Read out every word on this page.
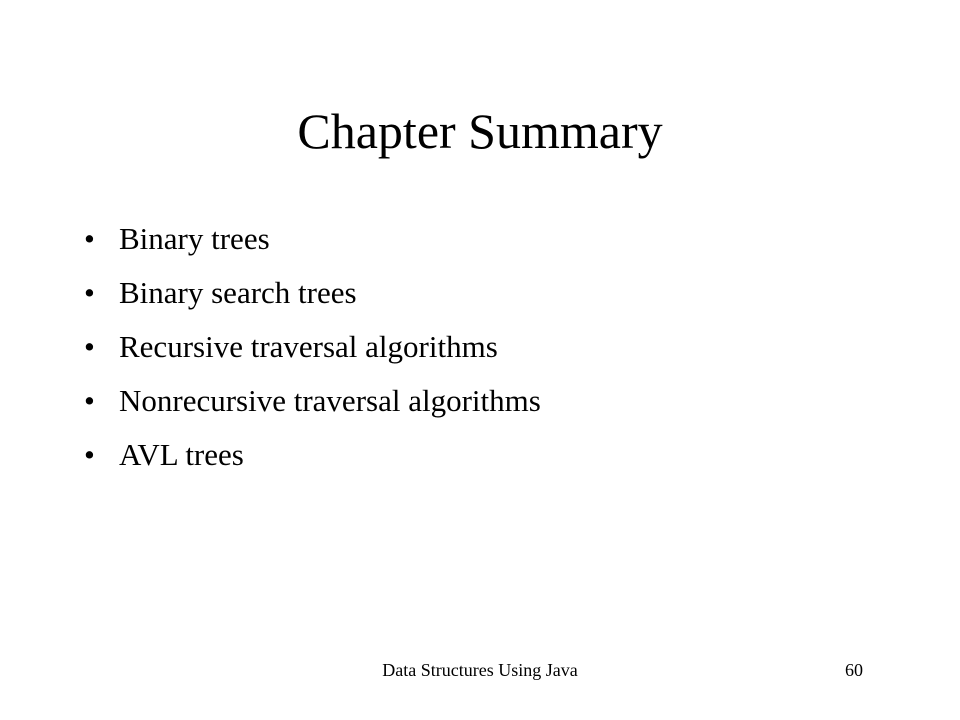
Chapter Summary
• Binary trees
• Binary search trees
• Recursive traversal algorithms
• Nonrecursive traversal algorithms
• AVL trees
Data Structures Using Java	60
